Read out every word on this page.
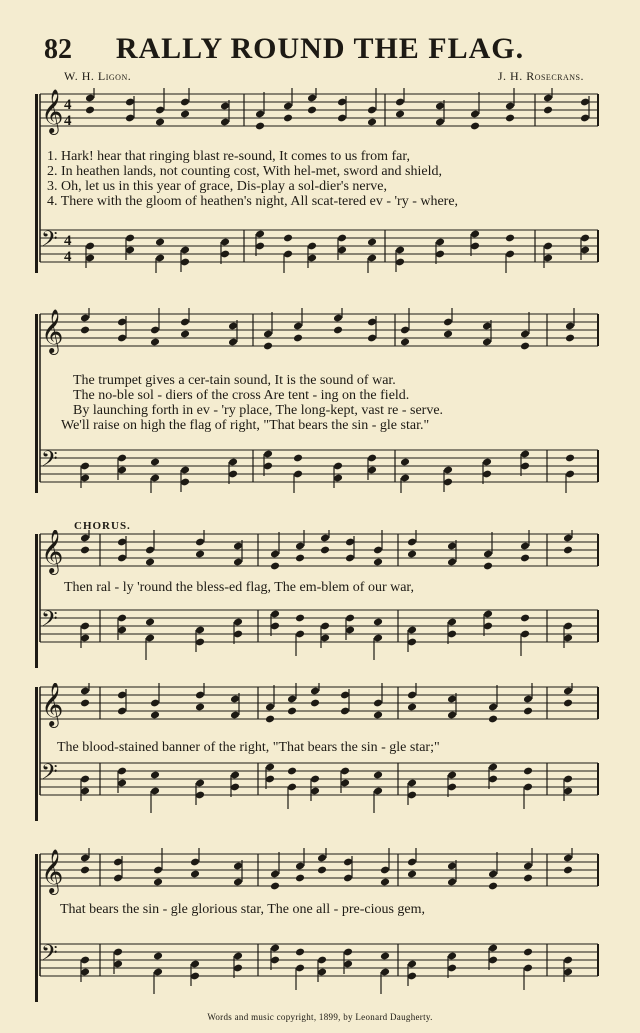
82	RALLY ROUND THE FLAG.
W. H. Ligon.	J. H. Rosecrans.
𝄞 4
4
𝄢 4
4
1. Hark! hear that ringing blast re-sound, It comes to us from far,
2. In heathen lands, not counting cost, With hel-met, sword and shield,
3. Oh, let us in this year of grace, Dis-play a sol-dier's nerve,
4. There with the gloom of heathen's night, All scat-tered ev - 'ry - where,
𝄞
𝄢
The trumpet gives a cer-tain sound, It is the sound of war.
The no-ble sol - diers of the cross Are tent - ing on the field.
By launching forth in ev - 'ry place, The long-kept, vast re - serve.
We'll raise on high the flag of right, "That bears the sin - gle star."
CHORUS.
𝄞
𝄢
Then ral - ly 'round the bless-ed flag, The em-blem of our war,
𝄞
𝄢
The blood-stained banner of the right, "That bears the sin - gle star;"
𝄞
𝄢
That bears the sin - gle glorious star, The one all - pre-cious gem,
Words and music copyright, 1899, by Leonard Daugherty.
